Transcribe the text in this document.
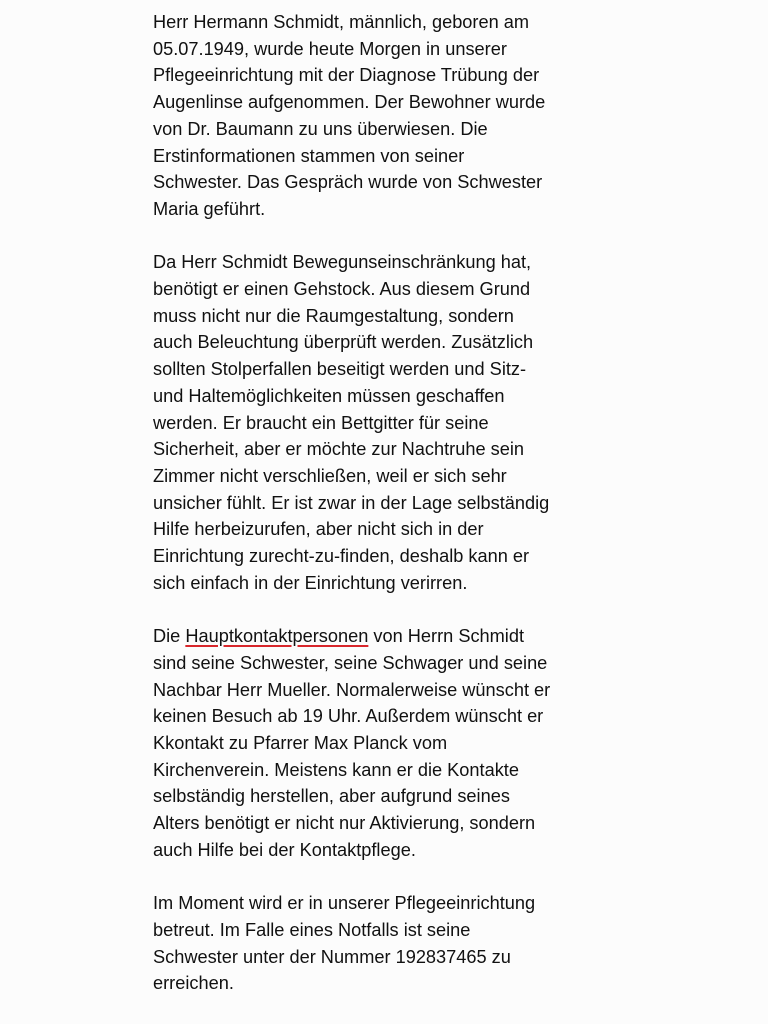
Herr Hermann Schmidt, männlich, geboren am
05.07.1949, wurde heute Morgen in unserer
Pflegeeinrichtung mit der Diagnose Trübung der
Augenlinse aufgenommen. Der Bewohner wurde
von Dr. Baumann zu uns überwiesen. Die
Erstinformationen stammen von seiner
Schwester. Das Gespräch wurde von Schwester
Maria geführt.

Da Herr Schmidt Bewegunseinschränkung hat,
benötigt er einen Gehstock. Aus diesem Grund
muss nicht nur die Raumgestaltung, sondern
auch Beleuchtung überprüft werden. Zusätzlich
sollten Stolperfallen beseitigt werden und Sitz-
und Haltemöglichkeiten müssen geschaffen
werden. Er braucht ein Bettgitter für seine
Sicherheit, aber er möchte zur Nachtruhe sein
Zimmer nicht verschließen, weil er sich sehr
unsicher fühlt. Er ist zwar in der Lage selbständig
Hilfe herbeizurufen, aber nicht sich in der
Einrichtung zurecht-zu-finden, deshalb kann er
sich einfach in der Einrichtung verirren.

Die Hauptkontaktpersonen von Herrn Schmidt
sind seine Schwester, seine Schwager und seine
Nachbar Herr Mueller. Normalerweise wünscht er
keinen Besuch ab 19 Uhr. Außerdem wünscht er
Kkontakt zu Pfarrer Max Planck vom
Kirchenverein. Meistens kann er die Kontakte
selbständig herstellen, aber aufgrund seines
Alters benötigt er nicht nur Aktivierung, sondern
auch Hilfe bei der Kontaktpflege.

Im Moment wird er in unserer Pflegeeinrichtung
betreut. Im Falle eines Notfalls ist seine
Schwester unter der Nummer 192837465 zu
erreichen.
